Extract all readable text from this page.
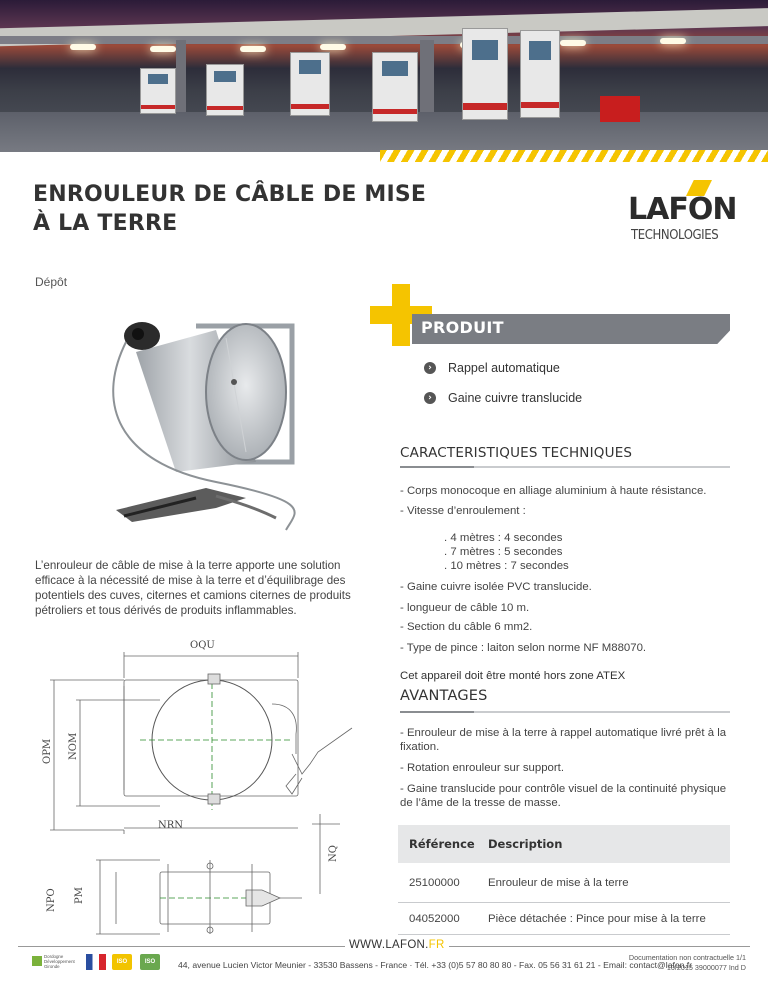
ENROULEUR DE CÂBLE DE MISE
À LA TERRE	LAFON
TECHNOLOGIES
Dépôt

L’enrouleur de câble de mise à la terre apporte une solution efficace à la nécessité de mise à la terre et d’équilibrage des potentiels des cuves, citernes et camions citernes de produits pétroliers et tous dérivés de produits inflammables.

PRODUIT
›	Rappel automatique
›	Gaine cuivre translucide
CARACTERISTIQUES TECHNIQUES
- Corps monocoque en alliage aluminium à haute résistance.
- Vitesse d’enroulement :
. 4 mètres : 4 secondes
. 7 mètres : 5 secondes
. 10 mètres : 7 secondes
- Gaine cuivre isolée PVC translucide.
- longueur de câble 10 m.
- Section du câble 6 mm2.
- Type de pince : laiton selon norme NF M88070.
Cet appareil doit être monté hors zone ATEX
AVANTAGES
- Enrouleur de mise à la terre à rappel automatique livré prêt à la fixation.
- Rotation enrouleur sur support.
- Gaine translucide pour contrôle visuel de la continuité physique de l’âme de la tresse de masse.
OQU
OPM NOM
NRN
NQ
NPO PM
Référence	Description
25100000	Enrouleur de mise à la terre
04052000	Pièce détachée : Pince pour mise à la terre
WWW.LAFON.FR
Dordogne Développement Gironde
ISO	ISO	44, avenue Lucien Victor Meunier - 33530 Bassens - France · Tél. +33 (0)5 57 80 80 80 - Fax. 05 56 31 61 21 - Email: contact@lafon.fr
Documentation non contractuelle 1/1
10/2015 39000077 Ind D
